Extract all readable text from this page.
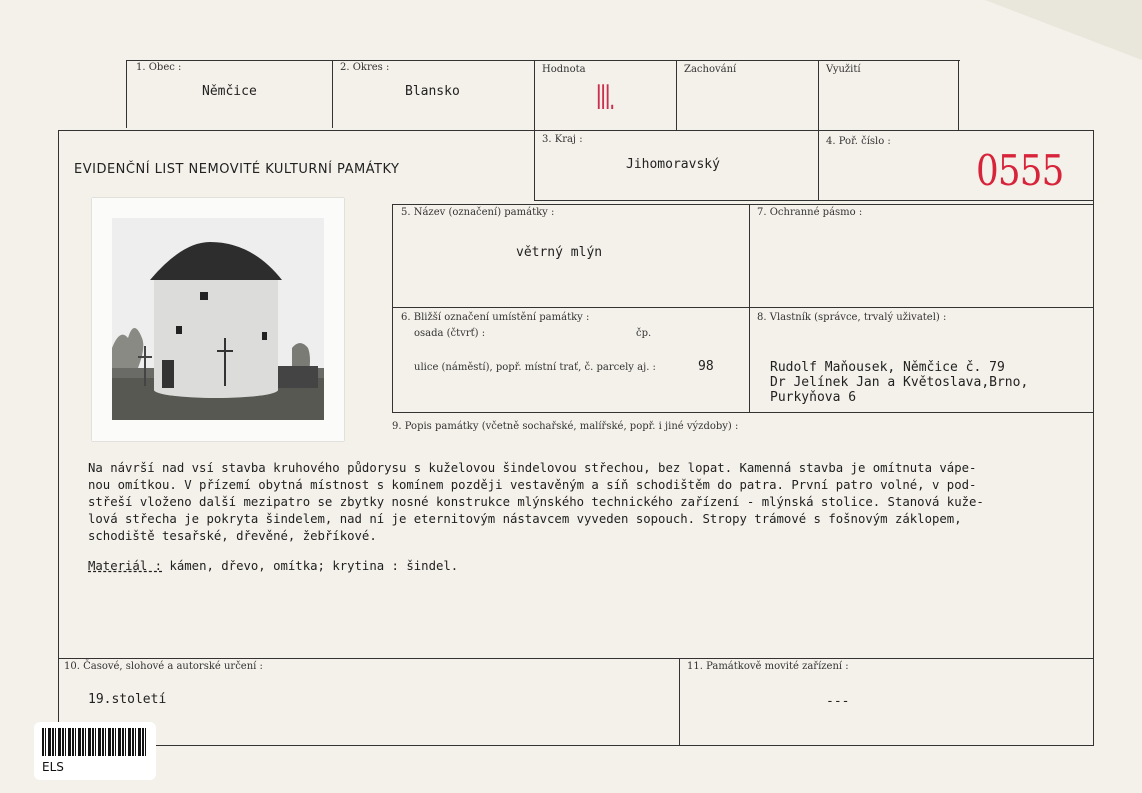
1. Obec :
Němčice
2. Okres :
Blansko
Hodnota
III.
Zachování	Využití
EVIDENČNÍ LIST NEMOVITÉ KULTURNÍ PAMÁTKY
3. Kraj :
Jihomoravský
4. Poř. číslo :
0555
5. Název (označení) památky :
větrný mlýn
7. Ochranné pásmo :
6. Bližší označení umístění památky :
osada (čtvrť) :	čp.
ulice (náměstí), popř. místní trať, č. parcely aj. :	98
8. Vlastník (správce, trvalý uživatel) :
Rudolf Maňousek, Němčice č. 79
Dr Jelínek Jan a Květoslava,Brno,
Purkyňova 6
9. Popis památky (včetně sochařské, malířské, popř. i jiné výzdoby) :

Na návrší nad vsí stavba kruhového půdorysu s kuželovou šindelovou střechou, bez lopat. Kamenná stavba je omítnuta vápe-

nou omítkou. V přízemí obytná místnost s komínem později vestavěným a síň schodištěm do patra. První patro volné, v pod-

střeší vloženo další mezipatro se zbytky nosné konstrukce mlýnského technického zařízení - mlýnská stolice. Stanová kuže-

lová střecha je pokryta šindelem, nad ní je eternitovým nástavcem vyveden sopouch. Stropy trámové s fošnovým záklopem,

schodiště tesařské, dřevěné, žebříkové.

Materiál : kámen, dřevo, omítka; krytina : šindel.

10. Časové, slohové a autorské určení :
19.století
11. Památkově movité zařízení :
---
ELS
